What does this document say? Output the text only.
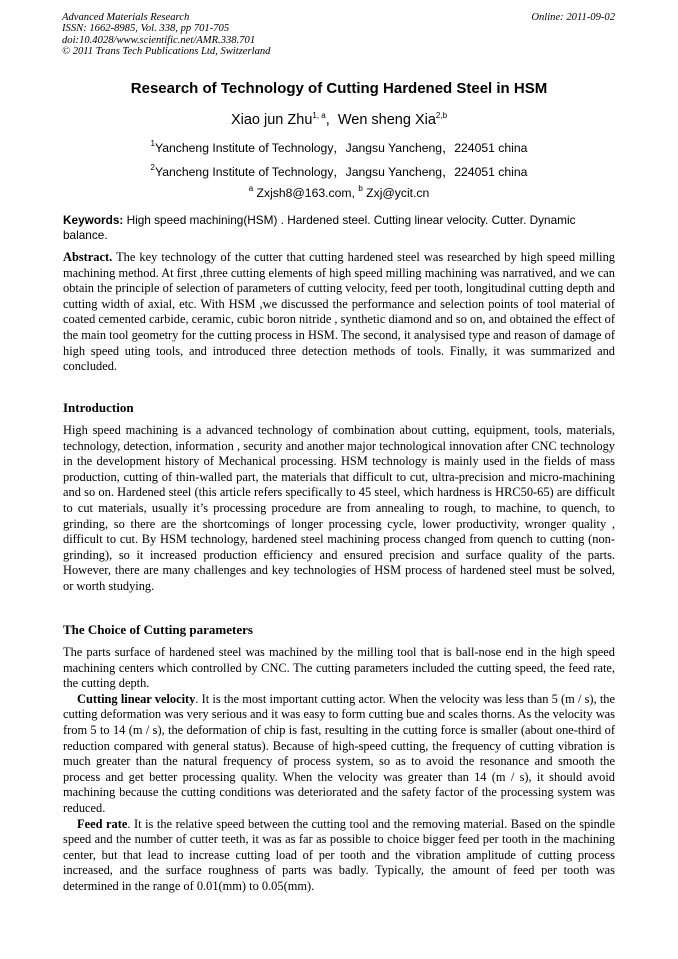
Advanced Materials Research
ISSN: 1662-8985, Vol. 338, pp 701-705
doi:10.4028/www.scientific.net/AMR.338.701
© 2011 Trans Tech Publications Ltd, Switzerland
Online: 2011-09-02
Research of Technology of Cutting Hardened Steel in HSM
Xiao jun Zhu$^{1, a}$,  Wen sheng Xia$^{2,b}$
$^1$Yancheng Institute of Technology，Jangsu Yancheng，224051 china
$^2$Yancheng Institute of Technology，Jangsu Yancheng，224051 china
$^a$ Zxjsh8@163.com, $^b$ Zxj@ycit.cn
Keywords: High speed machining(HSM) . Hardened steel. Cutting linear velocity. Cutter. Dynamic balance.
Abstract. The key technology of the cutter that cutting hardened steel was researched by high speed milling machining method. At first ,three cutting elements of high speed milling machining was narratived, and we can obtain the principle of selection of parameters of cutting velocity, feed per tooth, longitudinal cutting depth and cutting width of axial, etc. With HSM ,we discussed the performance and selection points of tool material of coated cemented carbide, ceramic, cubic boron nitride , synthetic diamond and so on, and obtained the effect of the main tool geometry for the cutting process in HSM. The second, it analysised type and reason of damage of high speed uting tools, and introduced three detection methods of tools. Finally, it was summarized and concluded.
Introduction
High speed machining is a advanced technology of combination about cutting, equipment, tools, materials, technology, detection, information , security and another major technological innovation after CNC technology in the development history of Mechanical processing. HSM technology is mainly used in the fields of mass production, cutting of thin-walled part, the materials that difficult to cut, ultra-precision and micro-machining and so on. Hardened steel (this article refers specifically to 45 steel, which hardness is HRC50-65) are difficult to cut materials, usually it’s processing procedure are from annealing to rough, to machine, to quench, to grinding, so there are the shortcomings of longer processing cycle, lower productivity, wronger quality , difficult to cut. By HSM technology, hardened steel machining process changed from quench to cutting (non-grinding), so it increased production efficiency and ensured precision and surface quality of the parts. However, there are many challenges and key technologies of HSM process of hardened steel must be solved, or worth studying.
The Choice of Cutting parameters

The parts surface of hardened steel was machined by the milling tool that is ball-nose end in the high speed machining centers which controlled by CNC. The cutting parameters included the cutting speed, the feed rate, the cutting depth.

Cutting linear velocity. It is the most important cutting actor. When the velocity was less than 5 (m / s), the cutting deformation was very serious and it was easy to form cutting bue and scales thorns. As the velocity was from 5 to 14 (m / s), the deformation of chip is fast, resulting in the cutting force is smaller (about one-third of reduction compared with general status). Because of high-speed cutting, the frequency of cutting vibration is much greater than the natural frequency of process system, so as to avoid the resonance and smooth the process and get better processing quality. When the velocity was greater than 14 (m / s), it should avoid machining because the cutting conditions was deteriorated and the safety factor of the processing system was reduced.

Feed rate. It is the relative speed between the cutting tool and the removing material. Based on the spindle speed and the number of cutter teeth, it was as far as possible to choice bigger feed per tooth in the machining center, but that lead to increase cutting load of per tooth and the vibration amplitude of cutting process increased, and the surface roughness of parts was badly. Typically, the amount of feed per tooth was determined in the range of 0.01(mm) to 0.05(mm).
